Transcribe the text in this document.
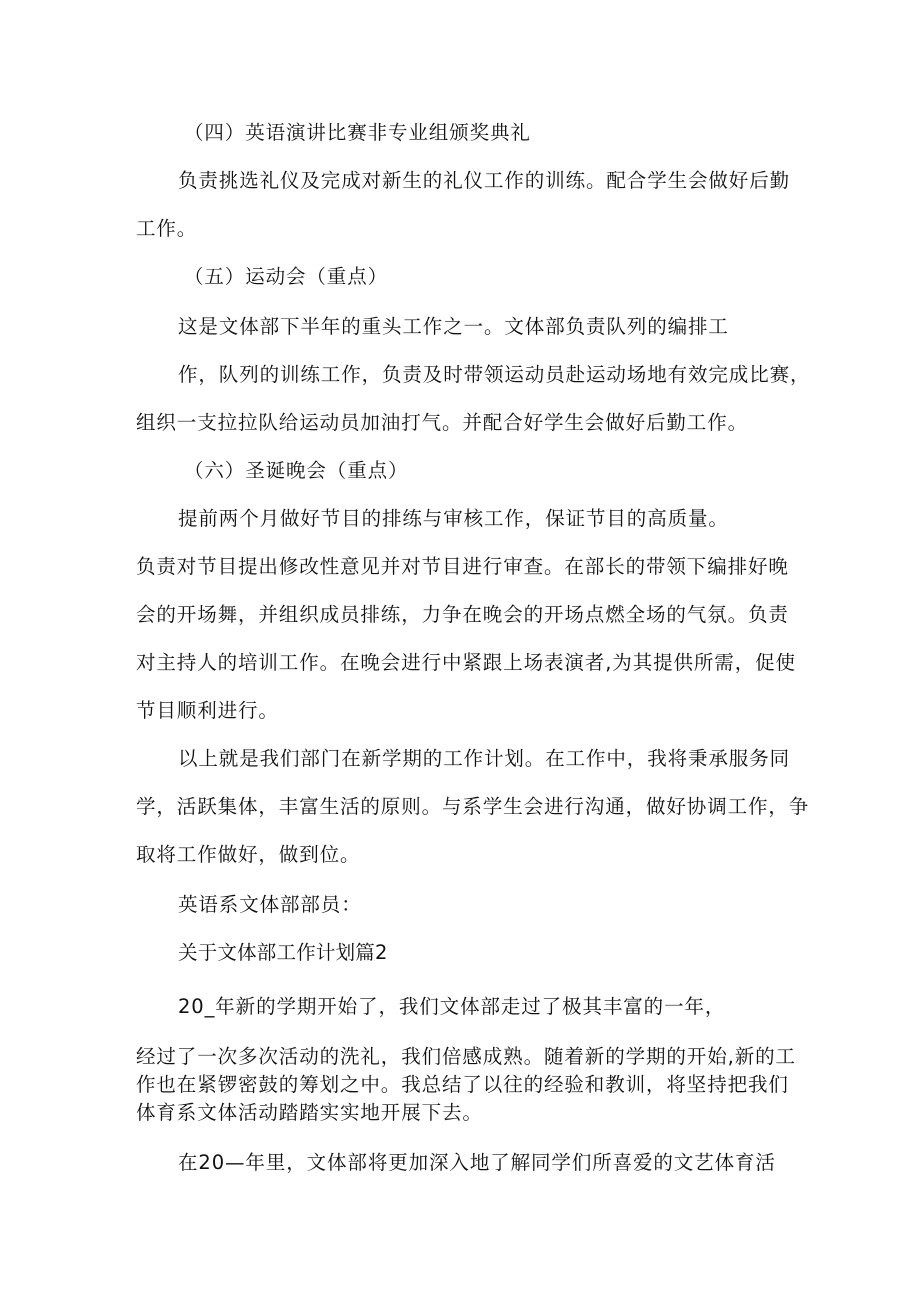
（四）英语演讲比赛非专业组颁奖典礼
负责挑选礼仪及完成对新生的礼仪工作的训练。配合学生会做好后勤
工作。
（五）运动会（重点）
这是文体部下半年的重头工作之一。文体部负责队列的编排工
作，队列的训练工作，负责及时带领运动员赴运动场地有效完成比赛，
组织一支拉拉队给运动员加油打气。并配合好学生会做好后勤工作。
（六）圣诞晚会（重点）
提前两个月做好节目的排练与审核工作，保证节目的高质量。
负责对节目提出修改性意见并对节目进行审查。在部长的带领下编排好晚
会的开场舞，并组织成员排练，力争在晚会的开场点燃全场的气氛。负责
对主持人的培训工作。在晚会进行中紧跟上场表演者,为其提供所需，促使
节目顺利进行。
以上就是我们部门在新学期的工作计划。在工作中，我将秉承服务同
学，活跃集体，丰富生活的原则。与系学生会进行沟通，做好协调工作，争
取将工作做好，做到位。
英语系文体部部员：
关于文体部工作计划篇2
20_年新的学期开始了，我们文体部走过了极其丰富的一年，
经过了一次多次活动的洗礼，我们倍感成熟。随着新的学期的开始,新的工
作也在紧锣密鼓的筹划之中。我总结了以往的经验和教训，将坚持把我们
体育系文体活动踏踏实实地开展下去。
在20—年里，文体部将更加深入地了解同学们所喜爱的文艺体育活
